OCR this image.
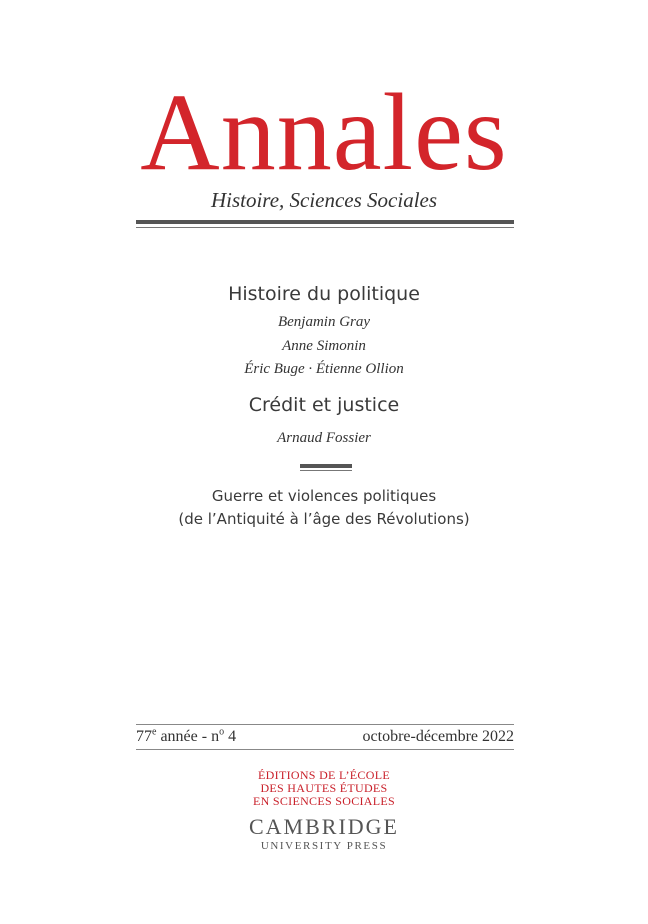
Annales
Histoire, Sciences Sociales
Histoire du politique
Benjamin Gray
Anne Simonin
Éric Buge · Étienne Ollion
Crédit et justice
Arnaud Fossier
Guerre et violences politiques
(de l’Antiquité à l’âge des Révolutions)
77e année - $n^o$ 4	octobre-décembre 2022
ÉDITIONS DE L’ÉCOLE
DES HAUTES ÉTUDES
EN SCIENCES SOCIALES
CAMBRIDGE
UNIVERSITY PRESS
